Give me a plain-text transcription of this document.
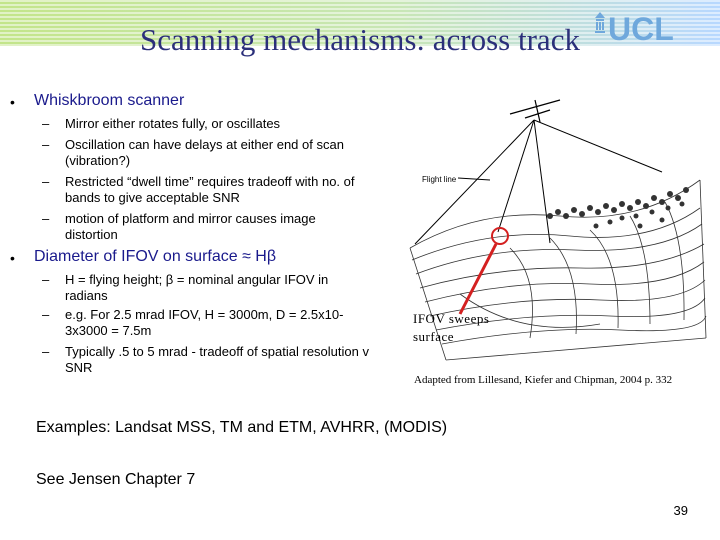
UCL
Scanning mechanisms: across track
• Whiskbroom scanner
– Mirror either rotates fully, or oscillates
– Oscillation can have delays at either end of scan (vibration?)
– Restricted “dwell time” requires tradeoff with no. of bands to give acceptable SNR
– motion of platform and mirror causes image distortion
• Diameter of IFOV on surface ≈ Hβ
– H = flying height; β = nominal angular IFOV in radians
– e.g. For 2.5 mrad IFOV, H = 3000m, D = 2.5x10-3x3000 = 7.5m
– Typically .5 to 5 mrad - tradeoff of spatial resolution v SNR
Flight line
IFOV sweeps surface
Adapted from Lillesand, Kiefer and Chipman, 2004 p. 332
Examples: Landsat MSS, TM and ETM, AVHRR, (MODIS)
See Jensen Chapter 7
39
